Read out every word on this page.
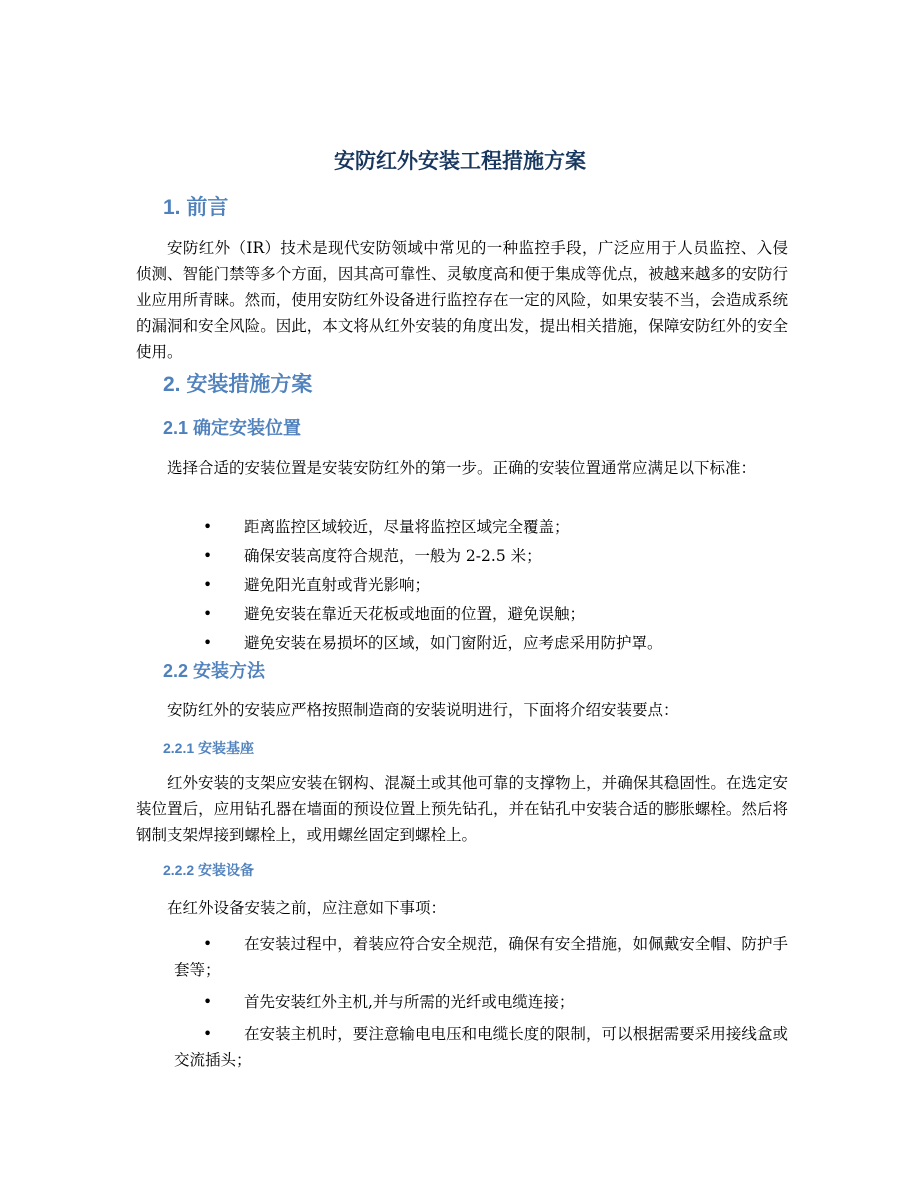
安防红外安装工程措施方案
1. 前言

安防红外（IR）技术是现代安防领域中常见的一种监控手段，广泛应用于人员监控、入侵侦测、智能门禁等多个方面，因其高可靠性、灵敏度高和便于集成等优点，被越来越多的安防行业应用所青睐。然而，使用安防红外设备进行监控存在一定的风险，如果安装不当，会造成系统的漏洞和安全风险。因此，本文将从红外安装的角度出发，提出相关措施，保障安防红外的安全使用。

2. 安装措施方案
2.1 确定安装位置

选择合适的安装位置是安装安防红外的第一步。正确的安装位置通常应满足以下标准：

• 距离监控区域较近，尽量将监控区域完全覆盖；
• 确保安装高度符合规范，一般为 2-2.5 米；
• 避免阳光直射或背光影响；
• 避免安装在靠近天花板或地面的位置，避免误触；
• 避免安装在易损坏的区域，如门窗附近，应考虑采用防护罩。
2.2 安装方法

安防红外的安装应严格按照制造商的安装说明进行，下面将介绍安装要点：

2.2.1 安装基座

红外安装的支架应安装在钢构、混凝土或其他可靠的支撑物上，并确保其稳固性。在选定安装位置后，应用钻孔器在墙面的预设位置上预先钻孔，并在钻孔中安装合适的膨胀螺栓。然后将钢制支架焊接到螺栓上，或用螺丝固定到螺栓上。

2.2.2 安装设备

在红外设备安装之前，应注意如下事项：

•	在安装过程中，着装应符合安全规范，确保有安全措施，如佩戴安全帽、防护手套等；
•	首先安装红外主机,并与所需的光纤或电缆连接；
•	在安装主机时，要注意输电电压和电缆长度的限制，可以根据需要采用接线盒或交流插头；
